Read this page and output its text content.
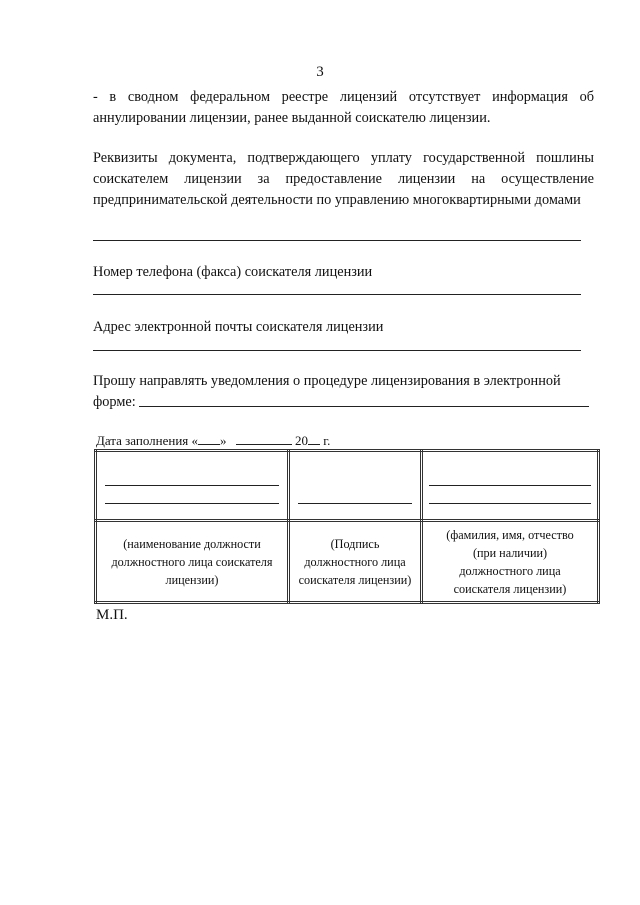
3
- в сводном федеральном реестре лицензий отсутствует информация об аннулировании лицензии, ранее выданной соискателю лицензии.
Реквизиты документа, подтверждающего уплату государственной пошлины соискателем лицензии за предоставление лицензии на осуществление предпринимательской деятельности по управлению многоквартирными домами
Номер телефона (факса) соискателя лицензии
Адрес электронной почты соискателя лицензии
Прошу направлять уведомления о процедуре лицензирования в электронной
форме:
Дата заполнения « »	20 г.

(наименование должности должностного лица соискателя лицензии)	(Подпись должностного лица соискателя лицензии)	(фамилия, имя, отчество (при наличии) должностного лица соискателя лицензии)
М.П.
